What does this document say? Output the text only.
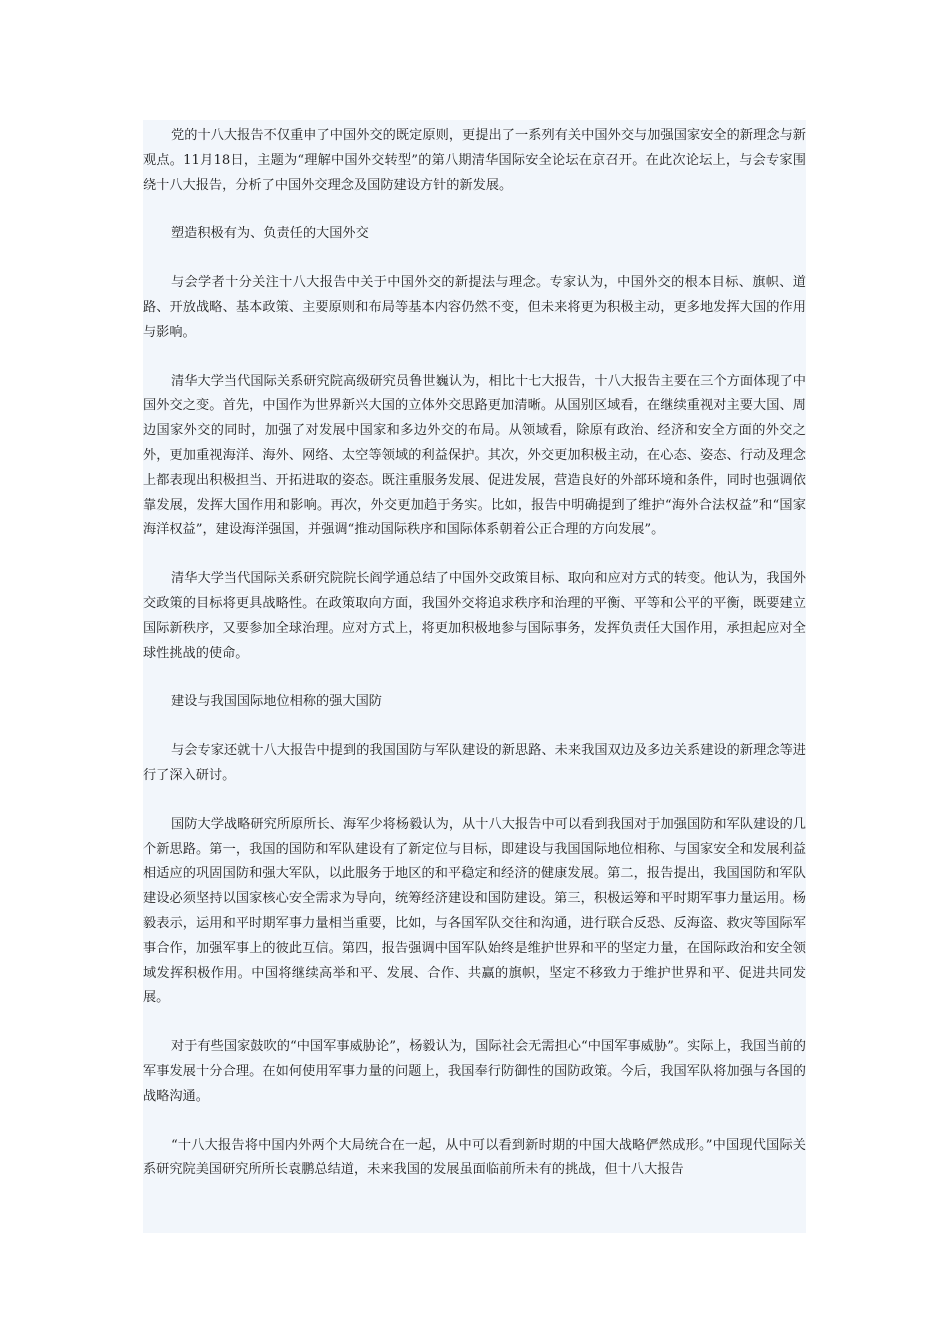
党的十八大报告不仅重申了中国外交的既定原则，更提出了一系列有关中国外交与加强国家安全的新理念与新观点。11月18日，主题为“理解中国外交转型”的第八期清华国际安全论坛在京召开。在此次论坛上，与会专家围绕十八大报告，分析了中国外交理念及国防建设方针的新发展。

塑造积极有为、负责任的大国外交

与会学者十分关注十八大报告中关于中国外交的新提法与理念。专家认为，中国外交的根本目标、旗帜、道路、开放战略、基本政策、主要原则和布局等基本内容仍然不变，但未来将更为积极主动，更多地发挥大国的作用与影响。

清华大学当代国际关系研究院高级研究员鲁世巍认为，相比十七大报告，十八大报告主要在三个方面体现了中国外交之变。首先，中国作为世界新兴大国的立体外交思路更加清晰。从国别区域看，在继续重视对主要大国、周边国家外交的同时，加强了对发展中国家和多边外交的布局。从领域看，除原有政治、经济和安全方面的外交之外，更加重视海洋、海外、网络、太空等领域的利益保护。其次，外交更加积极主动，在心态、姿态、行动及理念上都表现出积极担当、开拓进取的姿态。既注重服务发展、促进发展，营造良好的外部环境和条件，同时也强调依靠发展，发挥大国作用和影响。再次，外交更加趋于务实。比如，报告中明确提到了维护“海外合法权益”和“国家海洋权益”，建设海洋强国，并强调“推动国际秩序和国际体系朝着公正合理的方向发展”。

清华大学当代国际关系研究院院长阎学通总结了中国外交政策目标、取向和应对方式的转变。他认为，我国外交政策的目标将更具战略性。在政策取向方面，我国外交将追求秩序和治理的平衡、平等和公平的平衡，既要建立国际新秩序，又要参加全球治理。应对方式上，将更加积极地参与国际事务，发挥负责任大国作用，承担起应对全球性挑战的使命。

建设与我国国际地位相称的强大国防

与会专家还就十八大报告中提到的我国国防与军队建设的新思路、未来我国双边及多边关系建设的新理念等进行了深入研讨。

国防大学战略研究所原所长、海军少将杨毅认为，从十八大报告中可以看到我国对于加强国防和军队建设的几个新思路。第一，我国的国防和军队建设有了新定位与目标，即建设与我国国际地位相称、与国家安全和发展利益相适应的巩固国防和强大军队，以此服务于地区的和平稳定和经济的健康发展。第二，报告提出，我国国防和军队建设必须坚持以国家核心安全需求为导向，统筹经济建设和国防建设。第三，积极运筹和平时期军事力量运用。杨毅表示，运用和平时期军事力量相当重要，比如，与各国军队交往和沟通，进行联合反恐、反海盗、救灾等国际军事合作，加强军事上的彼此互信。第四，报告强调中国军队始终是维护世界和平的坚定力量，在国际政治和安全领域发挥积极作用。中国将继续高举和平、发展、合作、共赢的旗帜，坚定不移致力于维护世界和平、促进共同发展。

对于有些国家鼓吹的“中国军事威胁论”，杨毅认为，国际社会无需担心“中国军事威胁”。实际上，我国当前的军事发展十分合理。在如何使用军事力量的问题上，我国奉行防御性的国防政策。今后，我国军队将加强与各国的战略沟通。

“十八大报告将中国内外两个大局统合在一起，从中可以看到新时期的中国大战略俨然成形。”中国现代国际关系研究院美国研究所所长袁鹏总结道，未来我国的发展虽面临前所未有的挑战，但十八大报告
